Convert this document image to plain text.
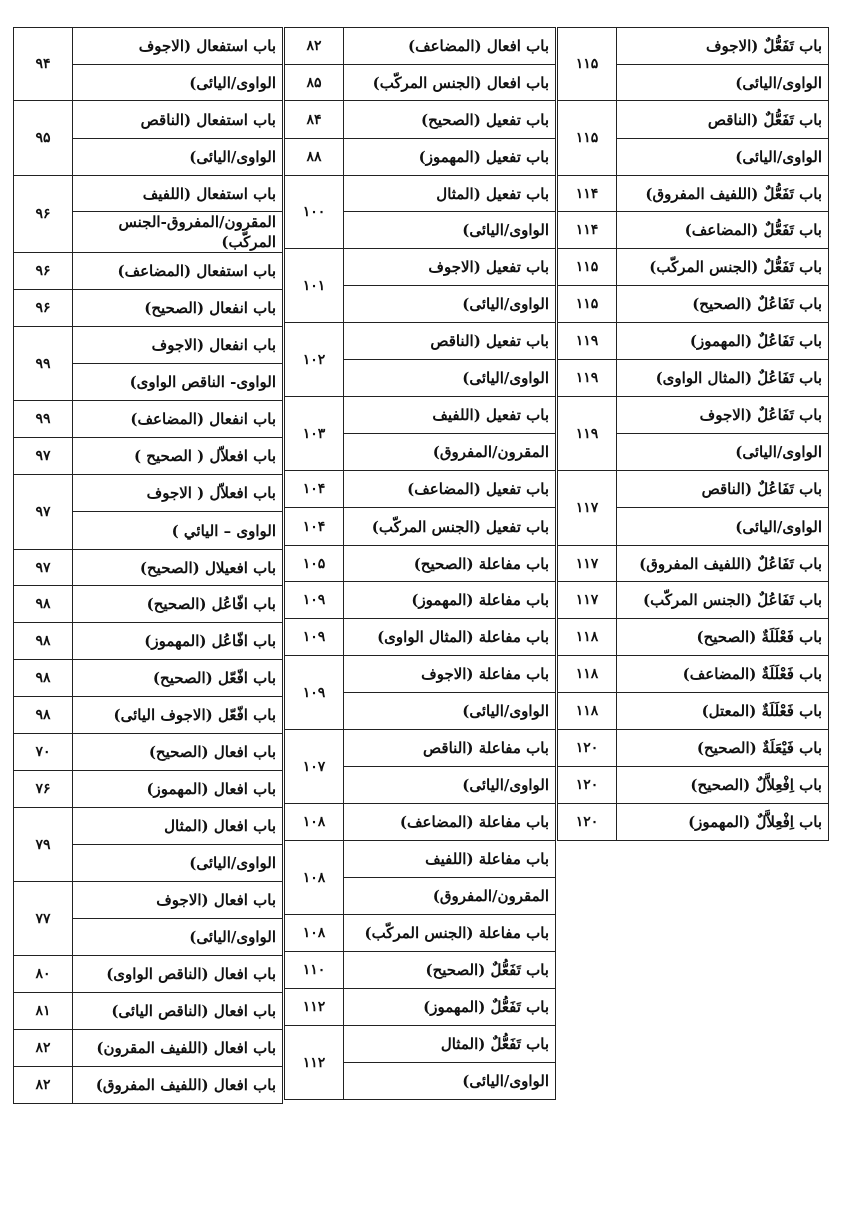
باب تَفَعُّلٌ (الاجوف	۱۱۵
الواوی/الیائی)	
باب تَفَعُّلٌ (الناقص	۱۱۵
الواوی/الیائی)	
باب تَفَعُّلٌ (اللفیف المفروق)	۱۱۴
باب تَفَعُّلٌ (المضاعف)	۱۱۴
باب تَفَعُّلٌ (الجنس المركّب)	۱۱۵
باب تَفَاعُلٌ (الصحیح)	۱۱۵
باب تَفَاعُلٌ (المهموز)	۱۱۹
باب تَفَاعُلٌ (المثال الواوی)	۱۱۹
باب تَفَاعُلٌ (الاجوف	۱۱۹
الواوی/الیائی)	
باب تَفَاعُلٌ (الناقص	۱۱۷
الواوی/الیائی)	
باب تَفَاعُلٌ (اللفیف المفروق)	۱۱۷
باب تَفَاعُلٌ (الجنس المركّب)	۱۱۷
باب فَعْلَلَةٌ (الصحیح)	۱۱۸
باب فَعْلَلَةٌ (المضاعف)	۱۱۸
باب فَعْلَلَةٌ (المعتل)	۱۱۸
باب فَیْعَلَةٌ (الصحیح)	۱۲۰
باب اِفْعِلاَّلٌ (الصحیح)	۱۲۰
باب اِفْعِلاَّلٌ (المهموز)	۱۲۰
باب افعال (المضاعف)	۸۲
باب افعال (الجنس المركّب)	۸۵
باب تفعیل (الصحیح)	۸۴
باب تفعیل (المهموز)	۸۸
باب تفعیل (المثال	۱۰۰
الواوی/الیائی)	
باب تفعیل (الاجوف	۱۰۱
الواوی/الیائی)	
باب تفعیل (الناقص	۱۰۲
الواوی/الیائی)	
باب تفعیل (اللفیف	۱۰۳
المقرون/المفروق)	
باب تفعیل (المضاعف)	۱۰۴
باب تفعیل (الجنس المركّب)	۱۰۴
باب مفاعلة (الصحیح)	۱۰۵
باب مفاعلة (المهموز)	۱۰۹
باب مفاعلة (المثال الواوی)	۱۰۹
باب مفاعلة (الاجوف	۱۰۹
الواوی/الیائی)	
باب مفاعلة (الناقص	۱۰۷
الواوی/الیائی)	
باب مفاعلة (المضاعف)	۱۰۸
باب مفاعلة (اللفیف	۱۰۸
المقرون/المفروق)	
باب مفاعلة (الجنس المركّب)	۱۰۸
باب تَفَعُّلٌ (الصحیح)	۱۱۰
باب تَفَعُّلٌ (المهموز)	۱۱۲
باب تَفَعُّلٌ (المثال	۱۱۲
الواوی/الیائی)	
باب استفعال (الاجوف	۹۴
الواوی/الیائی)	
باب استفعال (الناقص	۹۵
الواوی/الیائی)	
باب استفعال (اللفیف	۹۶
المقرون/المفروق-الجنس المركّب)	
باب استفعال (المضاعف)	۹۶
باب انفعال (الصحیح)	۹۶
باب انفعال (الاجوف	۹۹
الواوی- الناقص الواوی)	
باب انفعال (المضاعف)	۹۹
باب افعلاّل ( الصحیح )	۹۷
باب افعلاّل ( الاجوف	۹۷
الواوی – الیائي )	
باب افعیلال (الصحیح)	۹۷
باب افّاعُل (الصحیح)	۹۸
باب افّاعُل (المهموز)	۹۸
باب افّعّل (الصحیح)	۹۸
باب افّعّل (الاجوف الیائی)	۹۸
باب افعال (الصحیح)	۷۰
باب افعال (المهموز)	۷۶
باب افعال (المثال	۷۹
الواوی/الیائی)	
باب افعال (الاجوف	۷۷
الواوی/الیائی)	
باب افعال (الناقص الواوی)	۸۰
باب افعال (الناقص الیائی)	۸۱
باب افعال (اللفیف المقرون)	۸۲
باب افعال (اللفیف المفروق)	۸۲
